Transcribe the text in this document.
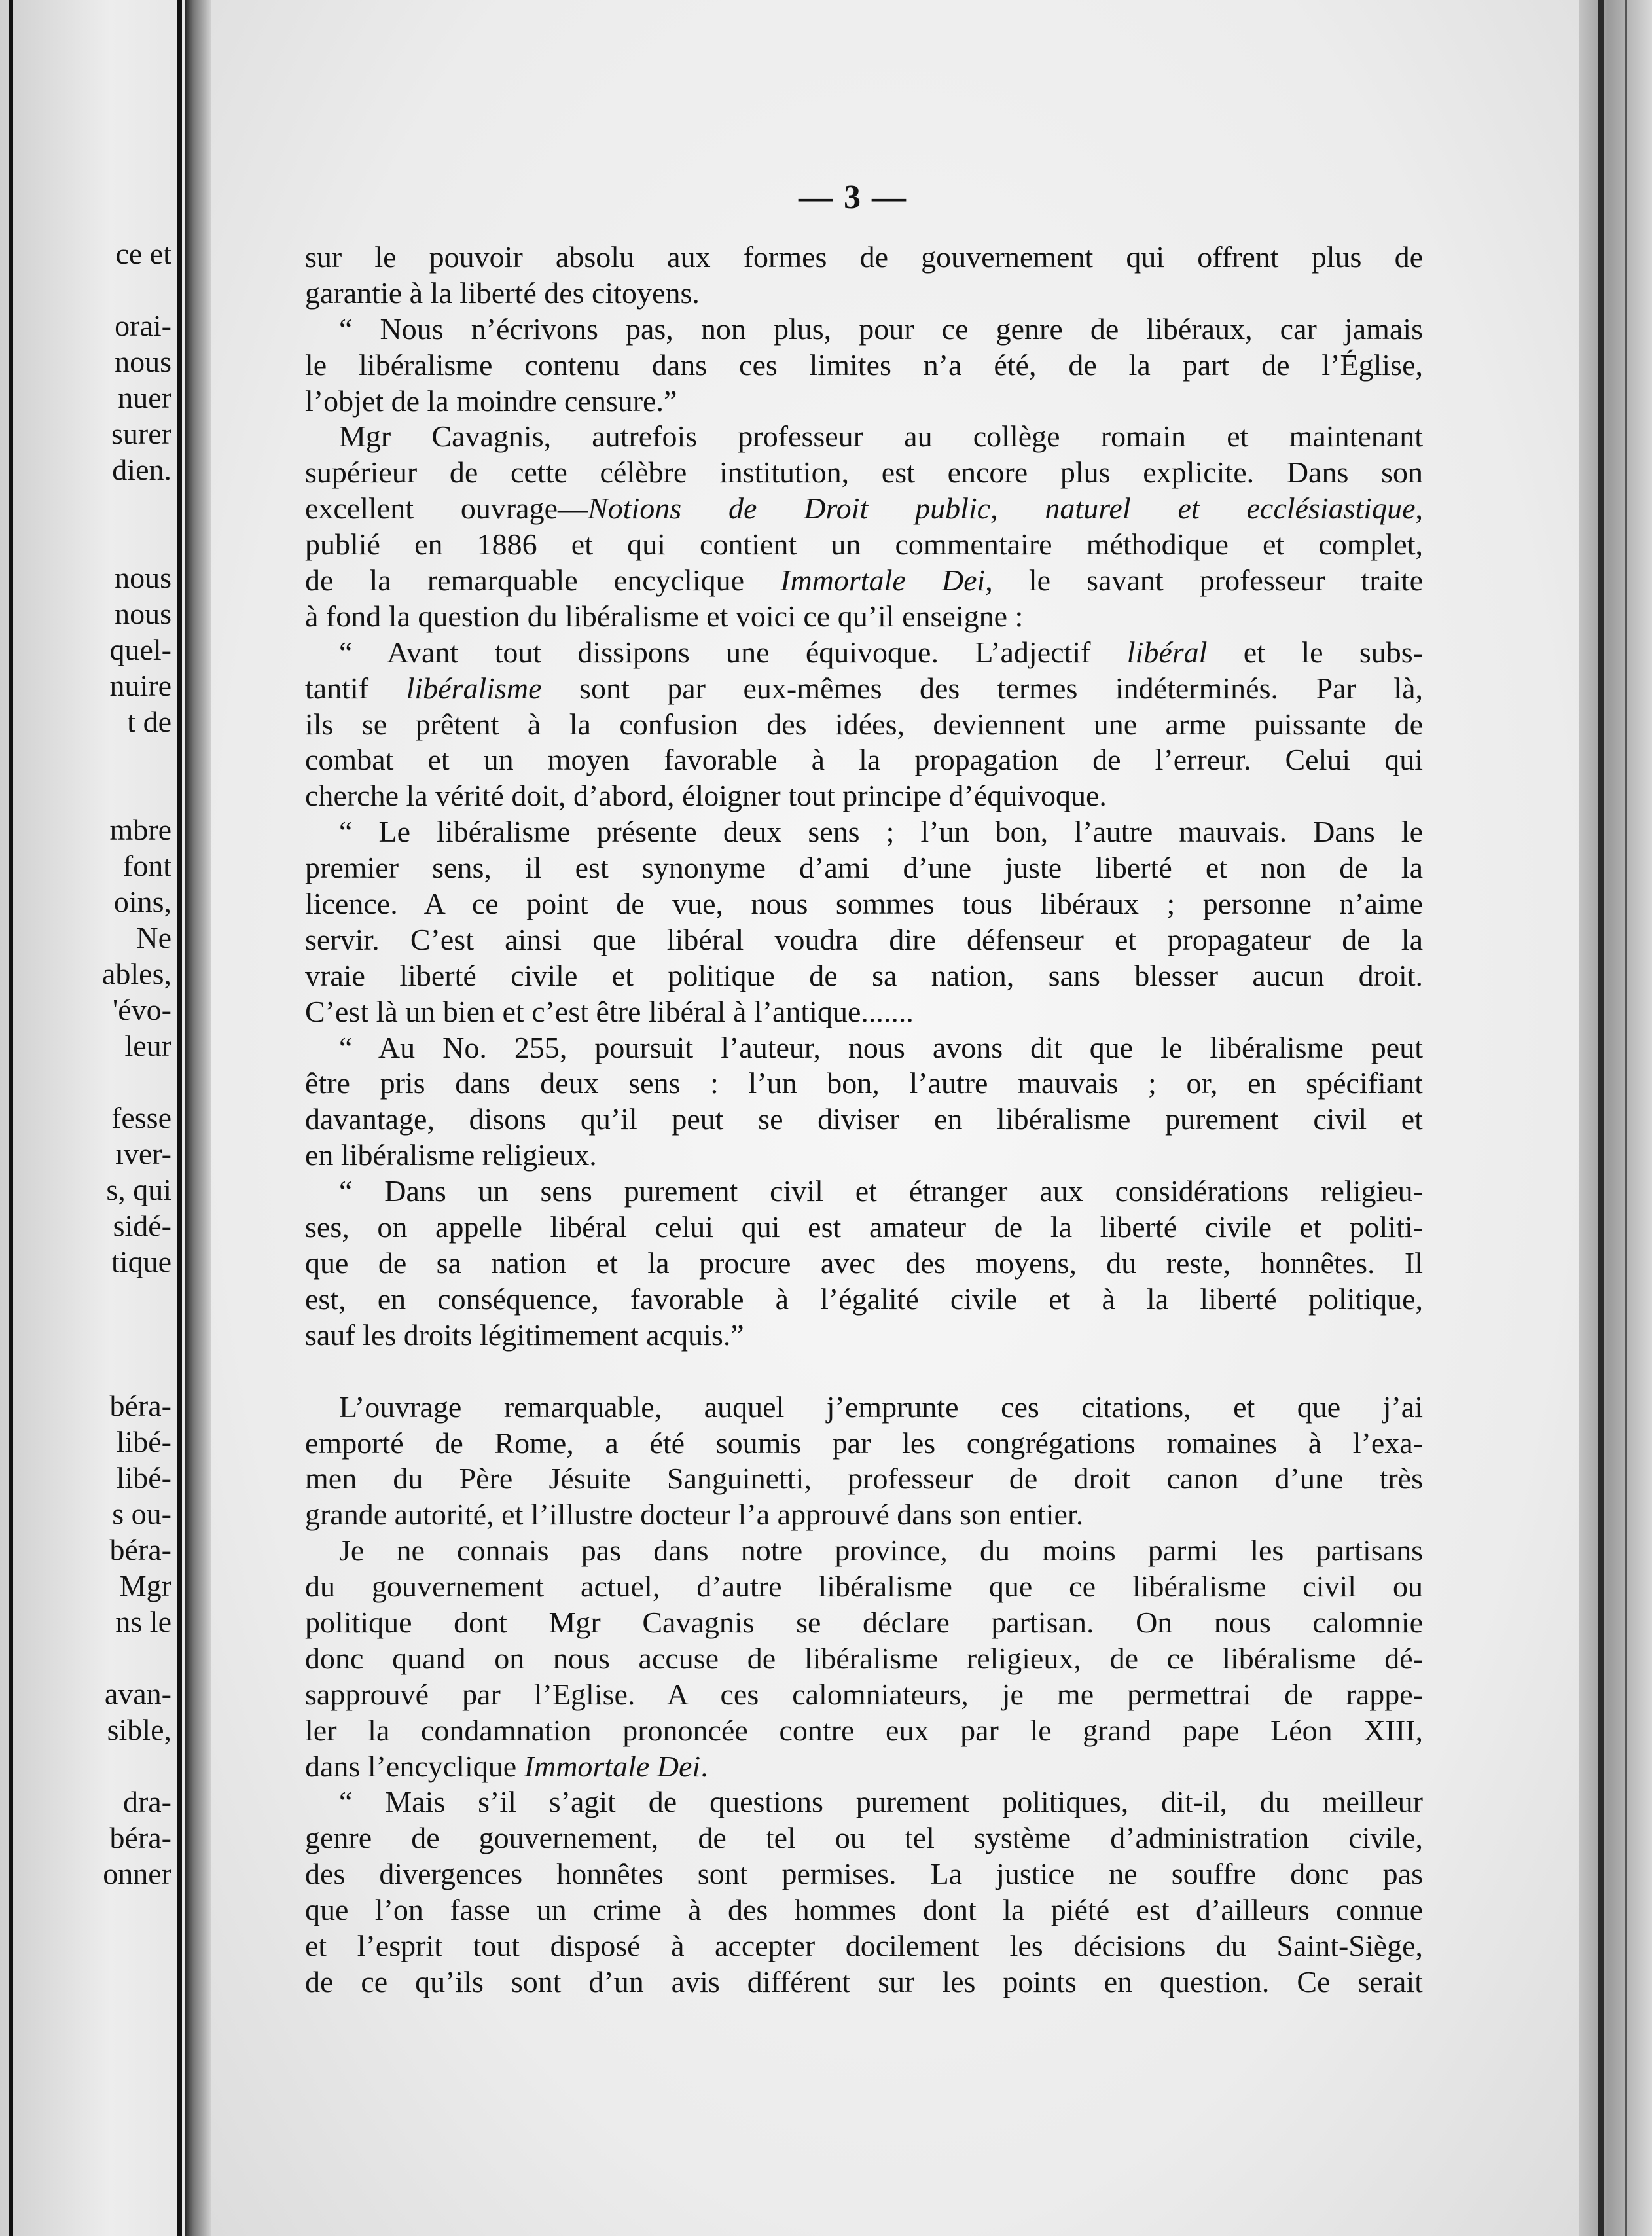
ce et
orai-
nous
nuer
surer
dien.
nous
nous
quel-
nuire
t de
mbre
font
oins,
Ne
ables,
'évo-
leur
fesse
ıver-
s, qui
sidé-
tique
béra-
libé-
libé-
s ou-
béra-
Mgr
ns le
avan-
sible,
dra-
béra-
onner
— 3 —
sur le pouvoir absolu aux formes de gouvernement qui offrent plus de
garantie à la liberté des citoyens.
“ Nous n’écrivons pas, non plus, pour ce genre de libéraux, car jamais
le libéralisme contenu dans ces limites n’a été, de la part de l’Église,
l’objet de la moindre censure.”
Mgr Cavagnis, autrefois professeur au collège romain et maintenant
supérieur de cette célèbre institution, est encore plus explicite. Dans son
excellent ouvrage—Notions de Droit public, naturel et ecclésiastique,
publié en 1886 et qui contient un commentaire méthodique et complet,
de la remarquable encyclique Immortale Dei, le savant professeur traite
à fond la question du libéralisme et voici ce qu’il enseigne :
“ Avant tout dissipons une équivoque. L’adjectif libéral et le subs-
tantif libéralisme sont par eux-mêmes des termes indéterminés. Par là,
ils se prêtent à la confusion des idées, deviennent une arme puissante de
combat et un moyen favorable à la propagation de l’erreur. Celui qui
cherche la vérité doit, d’abord, éloigner tout principe d’équivoque.
“ Le libéralisme présente deux sens ; l’un bon, l’autre mauvais. Dans le
premier sens, il est synonyme d’ami d’une juste liberté et non de la
licence. A ce point de vue, nous sommes tous libéraux ; personne n’aime
servir. C’est ainsi que libéral voudra dire défenseur et propagateur de la
vraie liberté civile et politique de sa nation, sans blesser aucun droit.
C’est là un bien et c’est être libéral à l’antique.......
“ Au No. 255, poursuit l’auteur, nous avons dit que le libéralisme peut
être pris dans deux sens : l’un bon, l’autre mauvais ; or, en spécifiant
davantage, disons qu’il peut se diviser en libéralisme purement civil et
en libéralisme religieux.
“ Dans un sens purement civil et étranger aux considérations religieu-
ses, on appelle libéral celui qui est amateur de la liberté civile et politi-
que de sa nation et la procure avec des moyens, du reste, honnêtes. Il
est, en conséquence, favorable à l’égalité civile et à la liberté politique,
sauf les droits légitimement acquis.”
L’ouvrage remarquable, auquel j’emprunte ces citations, et que j’ai
emporté de Rome, a été soumis par les congrégations romaines à l’exa-
men du Père Jésuite Sanguinetti, professeur de droit canon d’une très
grande autorité, et l’illustre docteur l’a approuvé dans son entier.
Je ne connais pas dans notre province, du moins parmi les partisans
du gouvernement actuel, d’autre libéralisme que ce libéralisme civil ou
politique dont Mgr Cavagnis se déclare partisan. On nous calomnie
donc quand on nous accuse de libéralisme religieux, de ce libéralisme dé-
sapprouvé par l’Eglise. A ces calomniateurs, je me permettrai de rappe-
ler la condamnation prononcée contre eux par le grand pape Léon XIII,
dans l’encyclique Immortale Dei.
“ Mais s’il s’agit de questions purement politiques, dit-il, du meilleur
genre de gouvernement, de tel ou tel système d’administration civile,
des divergences honnêtes sont permises. La justice ne souffre donc pas
que l’on fasse un crime à des hommes dont la piété est d’ailleurs connue
et l’esprit tout disposé à accepter docilement les décisions du Saint-Siège,
de ce qu’ils sont d’un avis différent sur les points en question. Ce serait
